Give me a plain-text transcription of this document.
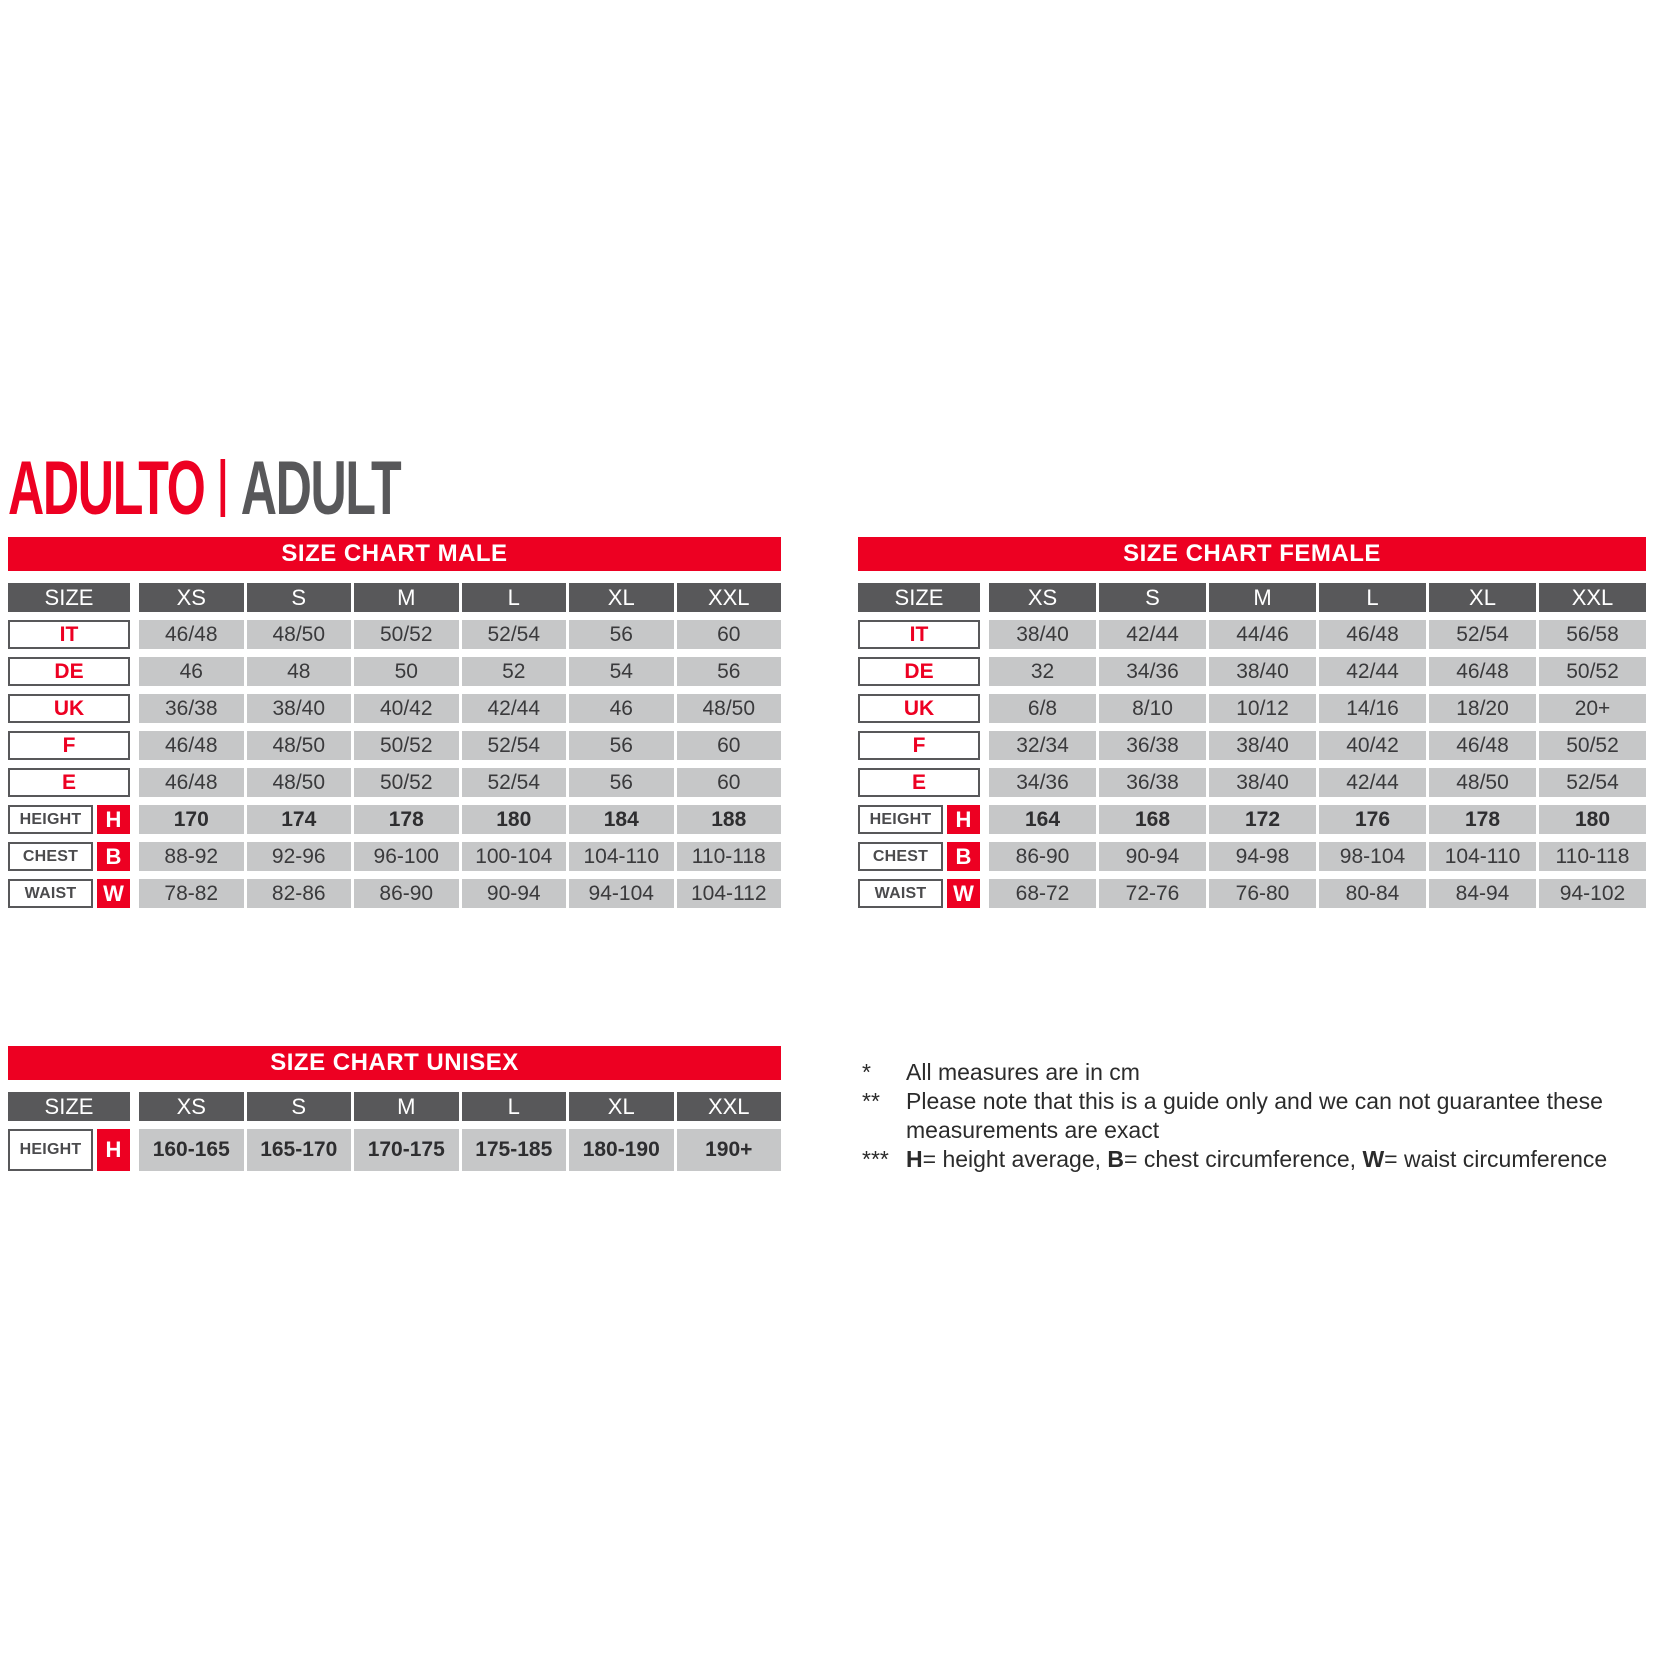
ADULTO ADULT
SIZE CHART MALE
SIZE	XS	S	M	L	XL	XXL
IT	46/48	48/50	50/52	52/54	56	60
DE	46	48	50	52	54	56
UK	36/38	38/40	40/42	42/44	46	48/50
F	46/48	48/50	50/52	52/54	56	60
E	46/48	48/50	50/52	52/54	56	60
HEIGHT	H	170	174	178	180	184	188
CHEST	B	88-92	92-96	96-100	100-104	104-110	110-118
WAIST	W	78-82	82-86	86-90	90-94	94-104	104-112
SIZE CHART FEMALE
SIZE	XS	S	M	L	XL	XXL
IT	38/40	42/44	44/46	46/48	52/54	56/58
DE	32	34/36	38/40	42/44	46/48	50/52
UK	6/8	8/10	10/12	14/16	18/20	20+
F	32/34	36/38	38/40	40/42	46/48	50/52
E	34/36	36/38	38/40	42/44	48/50	52/54
HEIGHT	H	164	168	172	176	178	180
CHEST	B	86-90	90-94	94-98	98-104	104-110	110-118
WAIST	W	68-72	72-76	76-80	80-84	84-94	94-102
SIZE CHART UNISEX
SIZE	XS	S	M	L	XL	XXL
HEIGHT	H	160-165	165-170	170-175	175-185	180-190	190+
*	All measures are in cm
**	Please note that this is a guide only and we can not guarantee these measurements are exact
*** H= height average, B= chest circumference, W= waist circumference
